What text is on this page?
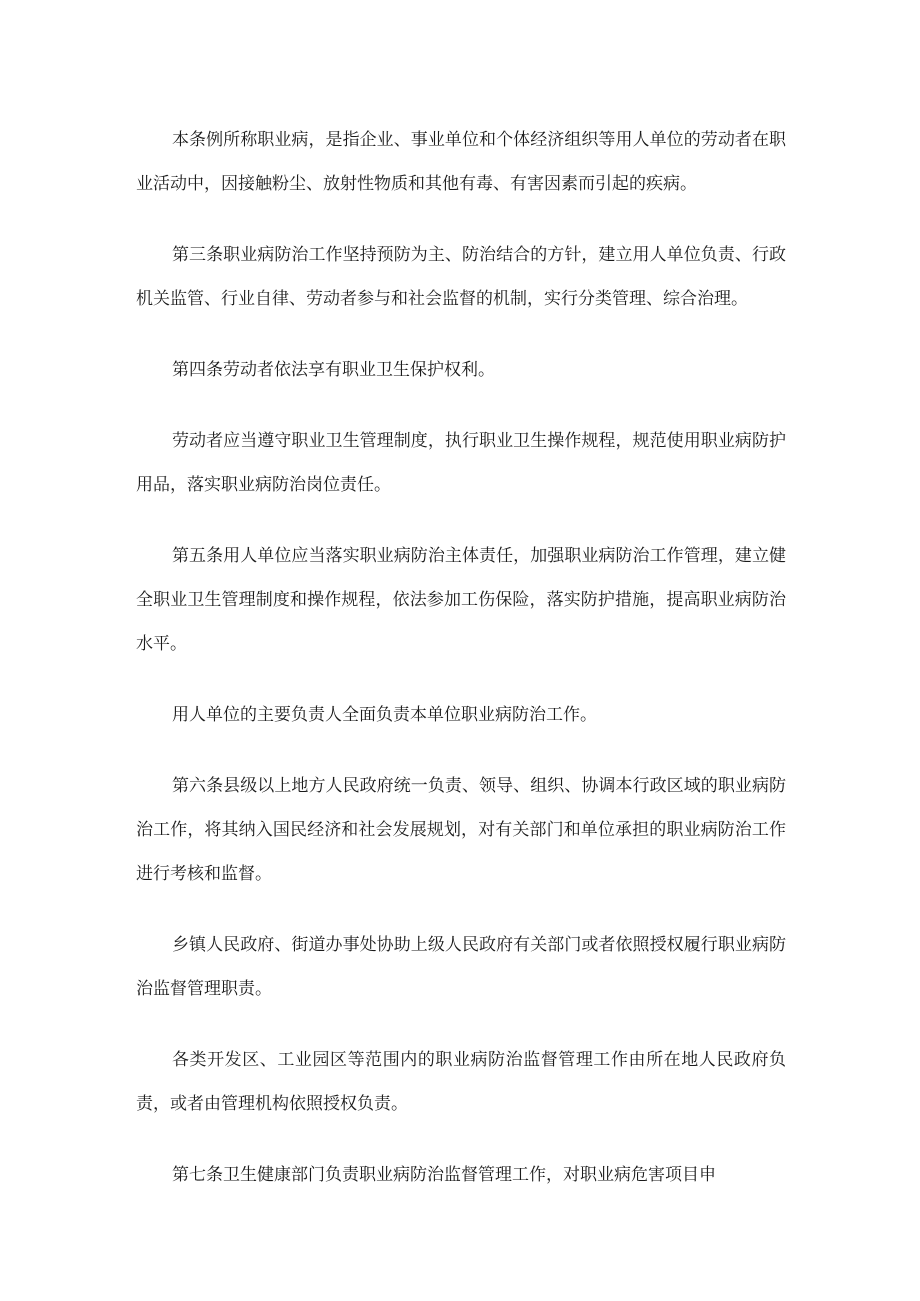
本条例所称职业病，是指企业、事业单位和个体经济组织等用人单位的劳动者在职业活动中，因接触粉尘、放射性物质和其他有毒、有害因素而引起的疾病。

第三条职业病防治工作坚持预防为主、防治结合的方针，建立用人单位负责、行政机关监管、行业自律、劳动者参与和社会监督的机制，实行分类管理、综合治理。

第四条劳动者依法享有职业卫生保护权利。

劳动者应当遵守职业卫生管理制度，执行职业卫生操作规程，规范使用职业病防护用品，落实职业病防治岗位责任。

第五条用人单位应当落实职业病防治主体责任，加强职业病防治工作管理，建立健全职业卫生管理制度和操作规程，依法参加工伤保险，落实防护措施，提高职业病防治水平。

用人单位的主要负责人全面负责本单位职业病防治工作。

第六条县级以上地方人民政府统一负责、领导、组织、协调本行政区域的职业病防治工作，将其纳入国民经济和社会发展规划，对有关部门和单位承担的职业病防治工作进行考核和监督。

乡镇人民政府、街道办事处协助上级人民政府有关部门或者依照授权履行职业病防治监督管理职责。

各类开发区、工业园区等范围内的职业病防治监督管理工作由所在地人民政府负责，或者由管理机构依照授权负责。

第七条卫生健康部门负责职业病防治监督管理工作，对职业病危害项目申
